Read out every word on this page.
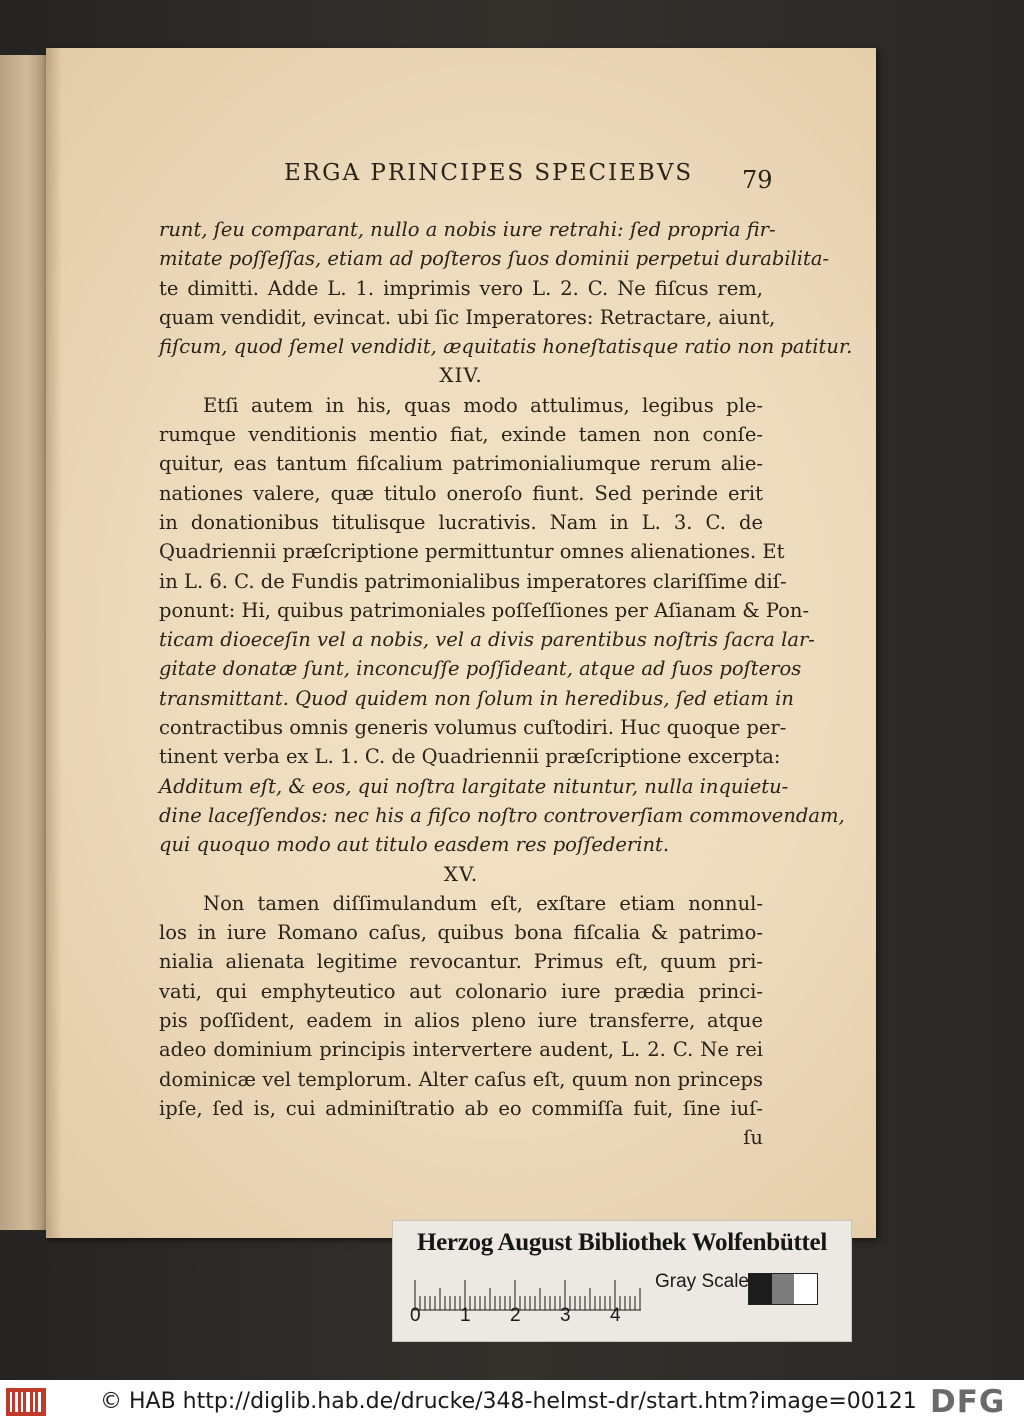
ERGA PRINCIPES SPECIEBVS	79
runt, ſeu comparant, nullo a nobis iure retrahi: ſed propria fir-
mitate poſſeſſas, etiam ad poſteros ſuos dominii perpetui durabilita-
te dimitti. Adde L. 1. imprimis vero L. 2. C. Ne fiſcus rem,
quam vendidit, evincat. ubi ſic Imperatores: Retractare, aiunt,
fiſcum, quod ſemel vendidit, æquitatis honeſtatisque ratio non patitur.
XIV.
Etſi autem in his, quas modo attulimus, legibus ple-
rumque venditionis mentio fiat, exinde tamen non conſe-
quitur, eas tantum fiſcalium patrimonialiumque rerum alie-
nationes valere, quæ titulo oneroſo fiunt. Sed perinde erit
in donationibus titulisque lucrativis. Nam in L. 3. C. de
Quadriennii præſcriptione permittuntur omnes alienationes. Et
in L. 6. C. de Fundis patrimonialibus imperatores clariſſime diſ-
ponunt: Hi, quibus patrimoniales poſſeſſiones per Aſianam & Pon-
ticam dioeceſin vel a nobis, vel a divis parentibus noſtris ſacra lar-
gitate donatæ ſunt, inconcuſſe poſſideant, atque ad ſuos poſteros
transmittant. Quod quidem non ſolum in heredibus, ſed etiam in
contractibus omnis generis volumus cuſtodiri. Huc quoque per-
tinent verba ex L. 1. C. de Quadriennii præſcriptione excerpta:
Additum eſt, & eos, qui noſtra largitate nituntur, nulla inquietu-
dine laceſſendos: nec his a fiſco noſtro controverſiam commovendam,
qui quoquo modo aut titulo easdem res poſſederint.
XV.
Non tamen diſſimulandum eſt, exſtare etiam nonnul-
los in iure Romano caſus, quibus bona fiſcalia & patrimo-
nialia alienata legitime revocantur. Primus eſt, quum pri-
vati, qui emphyteutico aut colonario iure prædia princi-
pis poſſident, eadem in alios pleno iure transferre, atque
adeo dominium principis intervertere audent, L. 2. C. Ne rei
dominicæ vel templorum. Alter caſus eſt, quum non princeps
ipſe, ſed is, cui adminiſtratio ab eo commiſſa fuit, ſine iuſ-
ſu
Herzog August Bibliothek Wolfenbüttel
0 1 2 3 4
Gray Scale
© HAB http://diglib.hab.de/drucke/348-helmst-dr/start.htm?image=00121 DFG
